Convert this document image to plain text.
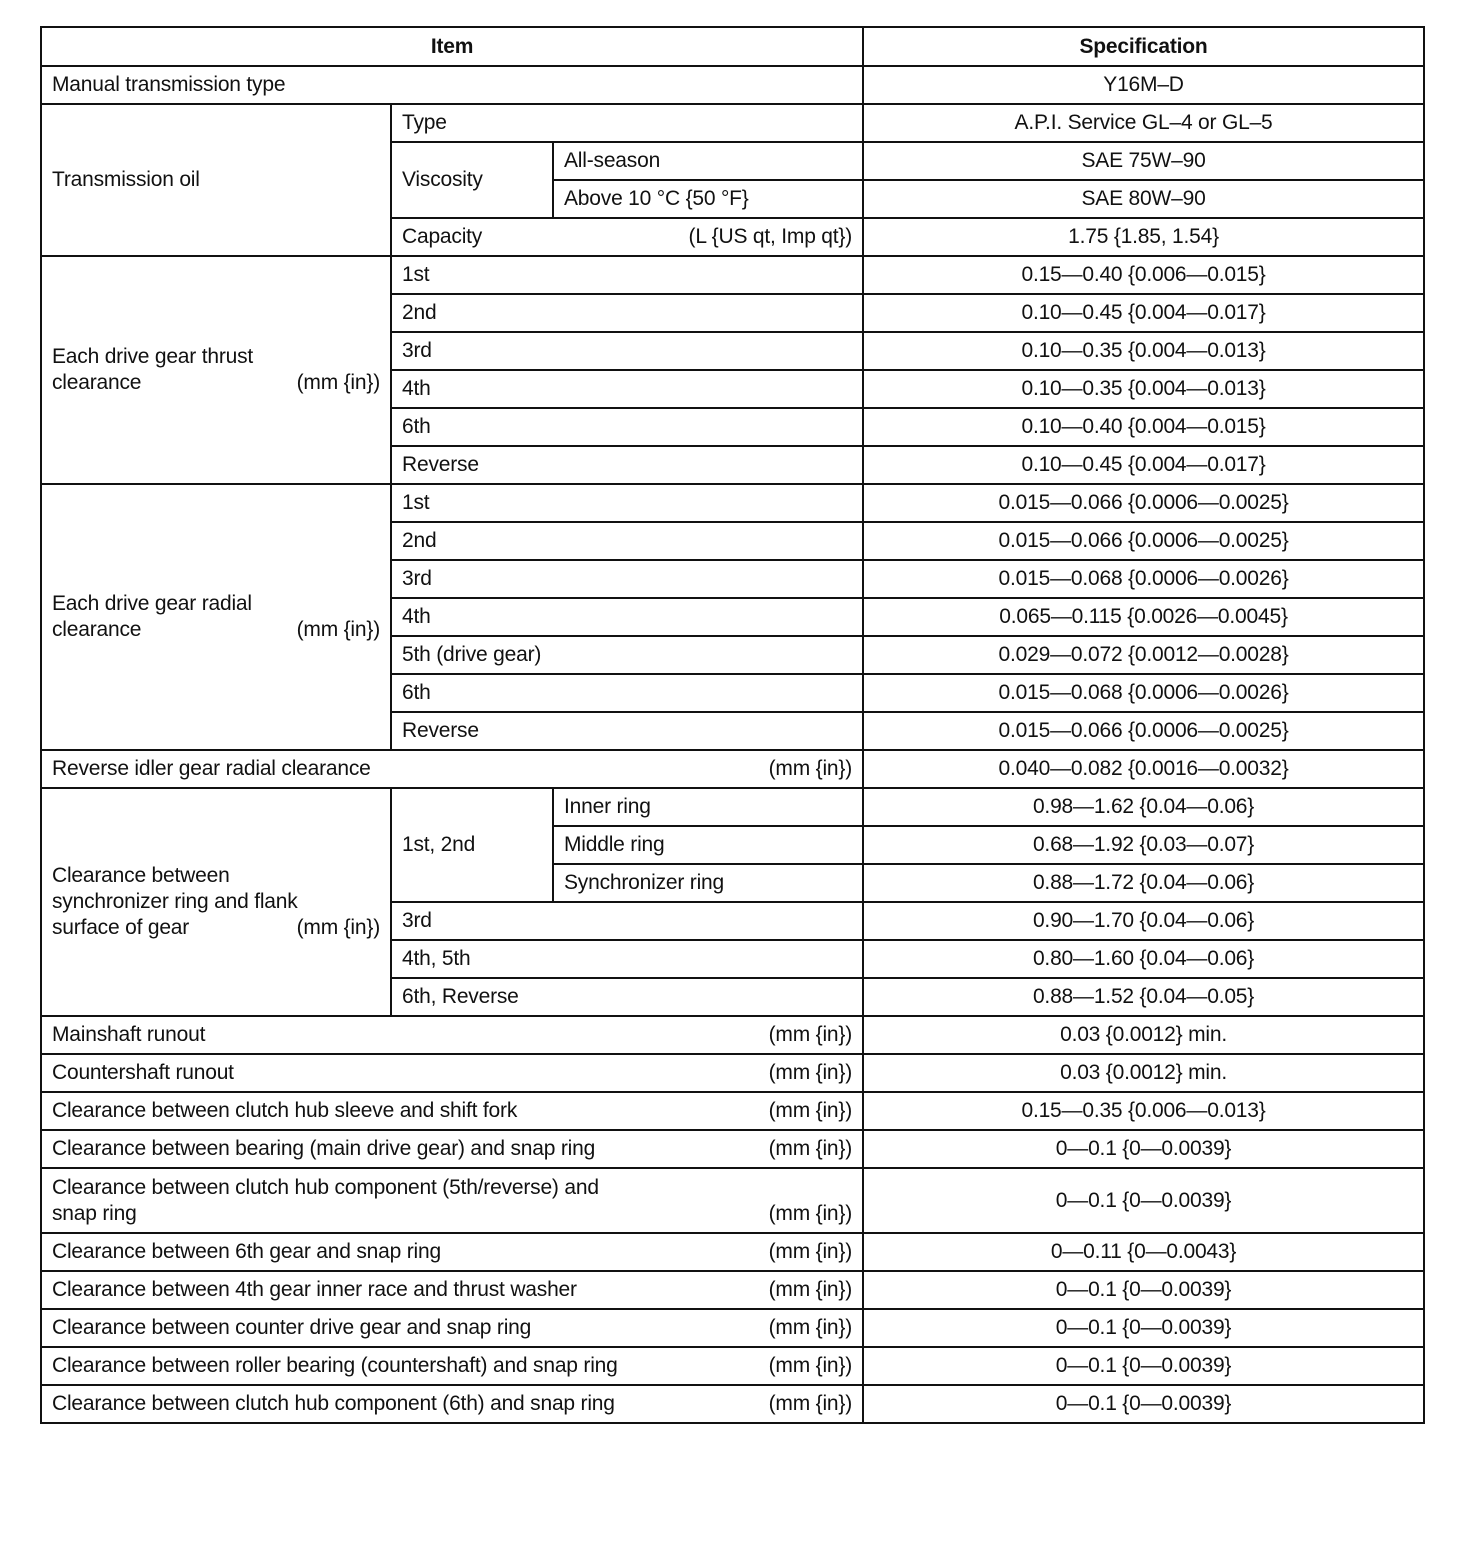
Item			Specification
Manual transmission type			Y16M–D
Transmission oil	Type		A.P.I. Service GL–4 or GL–5
	Viscosity	All-season	SAE 75W–90
		Above 10 °C {50 °F}	SAE 80W–90
	Capacity (L {US qt, Imp qt})		1.75 {1.85, 1.54}

Each drive gear thrust
clearance (mm {in})	1st		0.15—0.40 {0.006—0.015}
	2nd		0.10—0.45 {0.004—0.017}
	3rd		0.10—0.35 {0.004—0.013}
	4th		0.10—0.35 {0.004—0.013}
	6th		0.10—0.40 {0.004—0.015}
	Reverse		0.10—0.45 {0.004—0.017}

Each drive gear radial
clearance (mm {in})	1st		0.015—0.066 {0.0006—0.0025}
	2nd		0.015—0.066 {0.0006—0.0025}
	3rd		0.015—0.068 {0.0006—0.0026}
	4th		0.065—0.115 {0.0026—0.0045}
	5th (drive gear)		0.029—0.072 {0.0012—0.0028}
	6th		0.015—0.068 {0.0006—0.0026}
	Reverse		0.015—0.066 {0.0006—0.0025}
Reverse idler gear radial clearance (mm {in})			0.040—0.082 {0.0016—0.0032}

Clearance between
synchronizer ring and flank
surface of gear (mm {in})	1st, 2nd	Inner ring	0.98—1.62 {0.04—0.06}
		Middle ring	0.68—1.92 {0.03—0.07}
		Synchronizer ring	0.88—1.72 {0.04—0.06}
	3rd		0.90—1.70 {0.04—0.06}
	4th, 5th		0.80—1.60 {0.04—0.06}
	6th, Reverse		0.88—1.52 {0.04—0.05}
Mainshaft runout (mm {in})			0.03 {0.0012} min.
Countershaft runout (mm {in})			0.03 {0.0012} min.
Clearance between clutch hub sleeve and shift fork (mm {in})			0.15—0.35 {0.006—0.013}
Clearance between bearing (main drive gear) and snap ring (mm {in})			0—0.1 {0—0.0039}

Clearance between clutch hub component (5th/reverse) and
snap ring (mm {in})			0—0.1 {0—0.0039}
Clearance between 6th gear and snap ring (mm {in})			0—0.11 {0—0.0043}
Clearance between 4th gear inner race and thrust washer (mm {in})			0—0.1 {0—0.0039}
Clearance between counter drive gear and snap ring (mm {in})			0—0.1 {0—0.0039}
Clearance between roller bearing (countershaft) and snap ring (mm {in})			0—0.1 {0—0.0039}
Clearance between clutch hub component (6th) and snap ring (mm {in})			0—0.1 {0—0.0039}
